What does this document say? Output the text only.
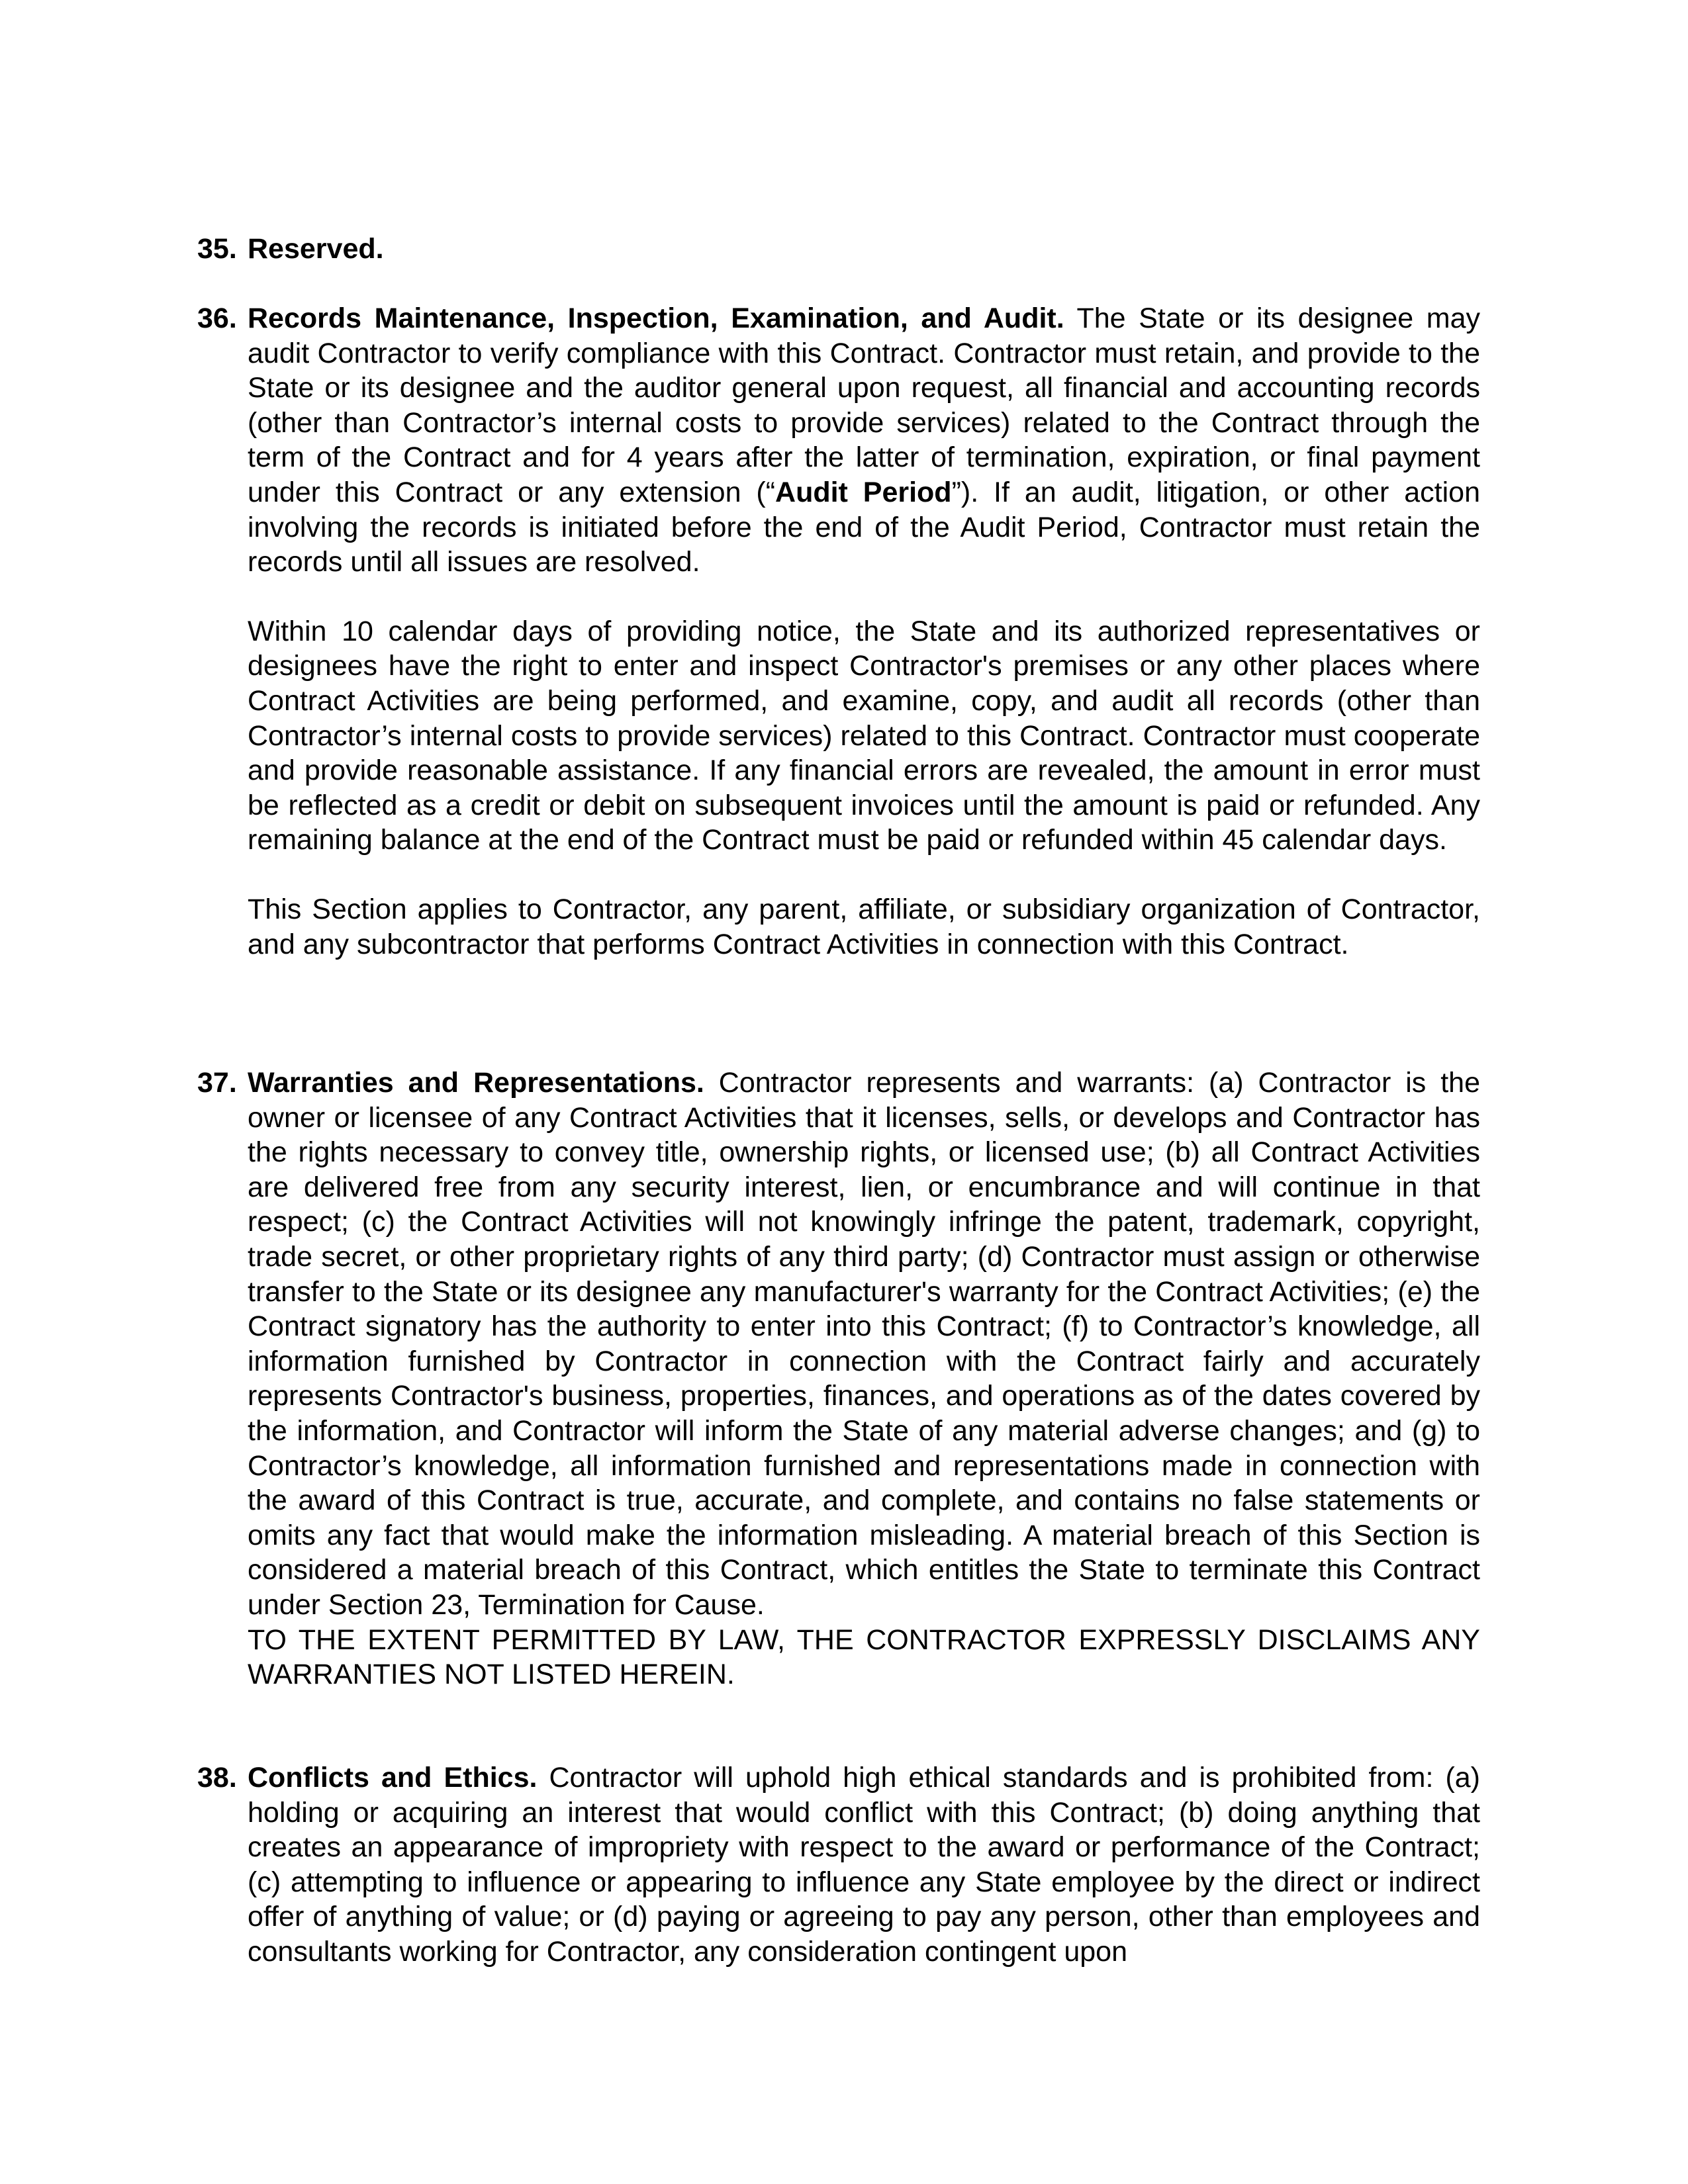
35. Reserved.
36. Records Maintenance, Inspection, Examination, and Audit. The State or its designee may audit Contractor to verify compliance with this Contract. Contractor must retain, and provide to the State or its designee and the auditor general upon request, all financial and accounting records (other than Contractor’s internal costs to provide services) related to the Contract through the term of the Contract and for 4 years after the latter of termination, expiration, or final payment under this Contract or any extension (“Audit Period”). If an audit, litigation, or other action involving the records is initiated before the end of the Audit Period, Contractor must retain the records until all issues are resolved.

Within 10 calendar days of providing notice, the State and its authorized representatives or designees have the right to enter and inspect Contractor's premises or any other places where Contract Activities are being performed, and examine, copy, and audit all records (other than Contractor’s internal costs to provide services) related to this Contract. Contractor must cooperate and provide reasonable assistance. If any financial errors are revealed, the amount in error must be reflected as a credit or debit on subsequent invoices until the amount is paid or refunded. Any remaining balance at the end of the Contract must be paid or refunded within 45 calendar days.

This Section applies to Contractor, any parent, affiliate, or subsidiary organization of Contractor, and any subcontractor that performs Contract Activities in connection with this Contract.

37. Warranties and Representations. Contractor represents and warrants: (a) Contractor is the owner or licensee of any Contract Activities that it licenses, sells, or develops and Contractor has the rights necessary to convey title, ownership rights, or licensed use; (b) all Contract Activities are delivered free from any security interest, lien, or encumbrance and will continue in that respect; (c) the Contract Activities will not knowingly infringe the patent, trademark, copyright, trade secret, or other proprietary rights of any third party; (d) Contractor must assign or otherwise transfer to the State or its designee any manufacturer's warranty for the Contract Activities; (e) the Contract signatory has the authority to enter into this Contract; (f) to Contractor’s knowledge, all information furnished by Contractor in connection with the Contract fairly and accurately represents Contractor's business, properties, finances, and operations as of the dates covered by the information, and Contractor will inform the State of any material adverse changes; and (g) to Contractor’s knowledge, all information furnished and representations made in connection with the award of this Contract is true, accurate, and complete, and contains no false statements or omits any fact that would make the information misleading. A material breach of this Section is considered a material breach of this Contract, which entitles the State to terminate this Contract under Section 23, Termination for Cause.

TO THE EXTENT PERMITTED BY LAW, THE CONTRACTOR EXPRESSLY DISCLAIMS ANY WARRANTIES NOT LISTED HEREIN.

38. Conflicts and Ethics. Contractor will uphold high ethical standards and is prohibited from: (a) holding or acquiring an interest that would conflict with this Contract; (b) doing anything that creates an appearance of impropriety with respect to the award or performance of the Contract; (c) attempting to influence or appearing to influence any State employee by the direct or indirect offer of anything of value; or (d) paying or agreeing to pay any person, other than employees and consultants working for Contractor, any consideration contingent upon
